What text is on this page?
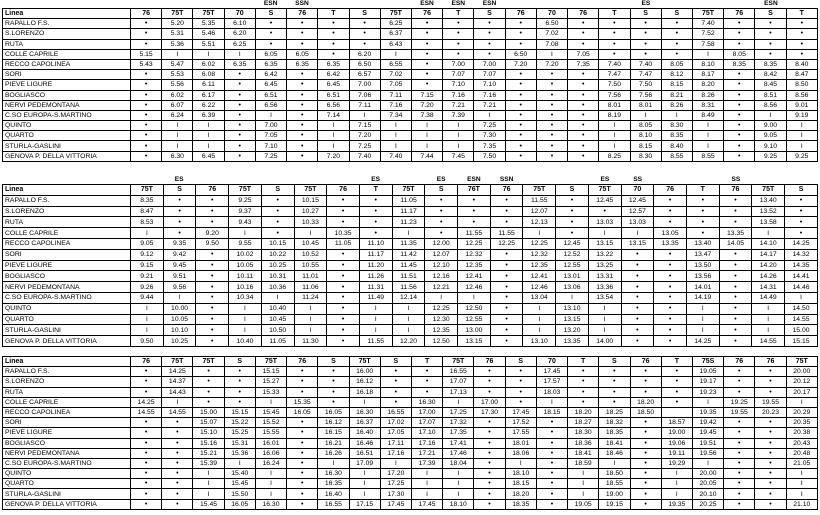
					ESN	SSN				ESN	ESN	ESN					ES				ESN	
Linea	76	75T	75T	70	S	76	T	S	75T	76	T	S	76	70	76	T	S	S	75T	76	S	T
RAPALLO F.S.	•	5.20	5.35	6.10	•	•	•	•	6.25	•	•	•	•	6.50	•	•	•	•	7.40	•	•	•
S.LORENZO	•	5.31	5.46	6.20	•	•	•	•	6.37	•	•	•	•	7.02	•	•	•	•	7.52	•	•	•
RUTA	•	5.36	5.51	6.25	•	•	•	•	6.43	•	•	•	•	7.08	•	•	•	•	7.58	•	•	•
COLLE CAPRILE	5.15	I	I	I	6.05	6.05	•	6.20	I	•	•	•	6.50	I	7.05	•	•	•	I	8.05	•	•
RECCO CAPOLINEA	5.43	5.47	6.02	6.35	6.35	6.35	6.35	6.50	6.55	•	7.00	7.00	7.20	7.20	7.35	7.40	7.40	8.05	8.10	8.35	8.35	8.40
SORI	•	5.53	6.08	•	6.42	•	6.42	6.57	7.02	•	7.07	7.07	•	•	•	7.47	7.47	8.12	8.17	•	8.42	8.47
PIEVE LIGURE	•	5.56	6.11	•	6.45	•	6.45	7.00	7.05	•	7.10	7.10	•	•	•	7.50	7.50	8.15	8.20	•	8.45	8.50
BOGLIASCO	•	6.02	6.17	•	6.51	•	6.51	7.06	7.11	7.15	7.16	7.16	•	•	•	7.56	7.56	8.21	8.26	•	8.51	8.56
NERVI PEDEMONTANA	•	6.07	6.22	•	6.56	•	6.56	7.11	7.16	7.20	7.21	7.21	•	•	•	8.01	8.01	8.26	8.31	•	8.56	9.01
C.SO EUROPA-S.MARTINO	•	6.24	6.39	•	I	•	7.14	I	7.34	7.38	7.39	I	•	•	•	8.19	I	I	8.49	•	I	9.19
QUINTO	•	I	I	•	7.00	•	I	7.15	I	I	I	7.25	•	•	•	I	8.05	8.30	I	•	9.00	I
QUARTO	•	I	I	•	7.05	•	I	7.20	I	I	I	7.30	•	•	•	I	8.10	8.35	I	•	9.05	I
STURLA-GASLINI	•	I	I	•	7.10	•	I	7.25	I	I	I	7.35	•	•	•	I	8.15	8.40	I	•	9.10	I
GENOVA P. DELLA VITTORIA	•	6.30	6.45	•	7.25	•	7.20	7.40	7.40	7.44	7.45	7.50	•	•	•	8.25	8.30	8.55	8.55	•	9.25	9.25
		ES						ES		ES	ESN	SSN			ES	SS			SS		
Linea	75T	S	76	75T	S	75T	76	T	75T	S	76T	76	75T	S	75T	70	76	T	76	75T	S
RAPALLO F.S.	8.35	•	•	9.25	•	10.15	•	•	11.05	•	•	•	11.55	•	12.45	12.45	•	•	•	13.40	•
S.LORENZO	8.47	•	•	9.37	•	10.27	•	•	11.17	•	•	•	12.07	•	•	12.57	•	•	•	13.52	•
RUTA	8.53	•	•	9.43	•	10.33	•	•	11.23	•	•	•	12.13	•	13.03	13.03	•	•	•	13.58	•
COLLE CAPRILE	I	•	9.20	I	•	I	10.35	•	I	•	11.55	11.55	I	•	I	I	13.05	•	13.35	I	•
RECCO CAPOLINEA	9.05	9.35	9.50	9.55	10.15	10.45	11.05	11.10	11.35	12.00	12.25	12.25	12.25	12.45	13.15	13.15	13.35	13.40	14.05	14.10	14.25
SORI	9.12	9.42	•	10.02	10.22	10.52	•	11.17	11.42	12.07	12.32	•	12.32	12.52	13.22	•	•	13.47	•	14.17	14.32
PIEVE LIGURE	9.15	9.45	•	10.05	10.25	10.55	•	11.20	11.45	12.10	12.35	•	12.35	12.55	13.25	•	•	13.50	•	14.20	14.35
BOGLIASCO	9.21	9.51	•	10.11	10.31	11.01	•	11.26	11.51	12.16	12.41	•	12.41	13.01	13.31	•	•	13.56	•	14.26	14.41
NERVI PEDEMONTANA	9.26	9.56	•	10.16	10.36	11.06	•	11.31	11.56	12.21	12.46	•	12.46	13.06	13.36	•	•	14.01	•	14.31	14.46
C.SO EUROPA-S.MARTINO	9.44	I	•	10.34	I	11.24	•	11.49	12.14	I	I	•	13.04	I	13.54	•	•	14.19	•	14.49	I
QUINTO	I	10.00	•	I	10.40	I	•	I	I	12.25	12.50	•	I	13.10	I	•	•	I	•	I	14.50
QUARTO	I	10.05	•	I	10.45	I	•	I	I	12.30	12.55	•	I	13.15	I	•	•	I	•	I	14.55
STURLA-GASLINI	I	10.10	•	I	10.50	I	•	I	I	12.35	13.00	•	I	13.20	I	•	•	I	•	I	15.00
GENOVA P. DELLA VITTORIA	9.50	10.25	•	10.40	11.05	11.30	•	11.55	12.20	12.50	13.15	•	13.10	13.35	14.00	•	•	14.25	•	14.55	15.15
Linea	76	75T	75T	S	75T	76	S	75T	S	T	75T	76	S	70	T	S	76	T	75S	76	76	75T
RAPALLO F.S.	•	14.25	•	•	15.15	•	•	16.00	•	•	16.55	•	•	17.45	•	•	•	•	19.05	•	•	20.00
S.LORENZO	•	14.37	•	•	15.27	•	•	16.12	•	•	17.07	•	•	17.57	•	•	•	•	19.17	•	•	20.12
RUTA	•	14.43	•	•	15.33	•	•	16.18	•	•	17.13	•	•	18.03	•	•	•	•	19.23	•	•	20.17
COLLE CAPRILE	14.25	I	•	•	I	15.35	•	I	•	16.30	I	17.00	•	I	•	•	18.20	•	I	19.25	19.55	I
RECCO CAPOLINEA	14.55	14.55	15.00	15.15	15.45	16.05	16.05	16.30	16.55	17.00	17.25	17.30	17.45	18.15	18.20	18.25	18.50		19.35	19.55	20.23	20.29
SORI	•	•	15.07	15.22	15.52	•	16.12	16.37	17.02	17.07	17.32	•	17.52	•	18.27	18.32	•	18.57	19.42	•	•	20.35
PIEVE LIGURE	•	•	15.10	15.25	15.55	•	16.15	16.40	17.05	17.10	17.35	•	17.55	•	18.30	18.35	•	19.00	19.45	•	•	20.38
BOGLIASCO	•	•	15.16	15.31	16.01	•	16.21	16.46	17.11	17.16	17.41	•	18.01	•	18.36	18.41	•	19.06	19.51	•	•	20.43
NERVI PEDEMONTANA	•	•	15.21	15.36	16.06	•	16.26	16.51	17.16	17.21	17.46	•	18.06	•	18.41	18.46	•	19.11	19.56	•	•	20.48
C.SO EUROPA-S.MARTINO	•	•	15.39	I	16.24	•	I	17.09	I	17.39	18.04	•	I	•	18.59	I	•	19.29	I	•	•	21.05
QUINTO	•	•	I	15.40	I	•	16.30	I	17.20	I	I	•	18.10	•	I	18.50	•	I	20.00	•	•	I
QUARTO	•	•	I	15.45	I	•	16.35	I	17.25	I	I	•	18.15	•	I	18.55	•	I	20.05	•	•	I
STURLA-GASLINI	•	•	I	15.50	I	•	16.40	I	17.30	I	I	•	18.20	•	I	19.00	•	I	20.10	•	•	I
GENOVA P. DELLA VITTORIA	•	•	15.45	16.05	16.30	•	16.55	17.15	17.45	17.45	18.10	•	18.35	•	19.05	19.15	•	19.35	20.25	•	•	21.10
